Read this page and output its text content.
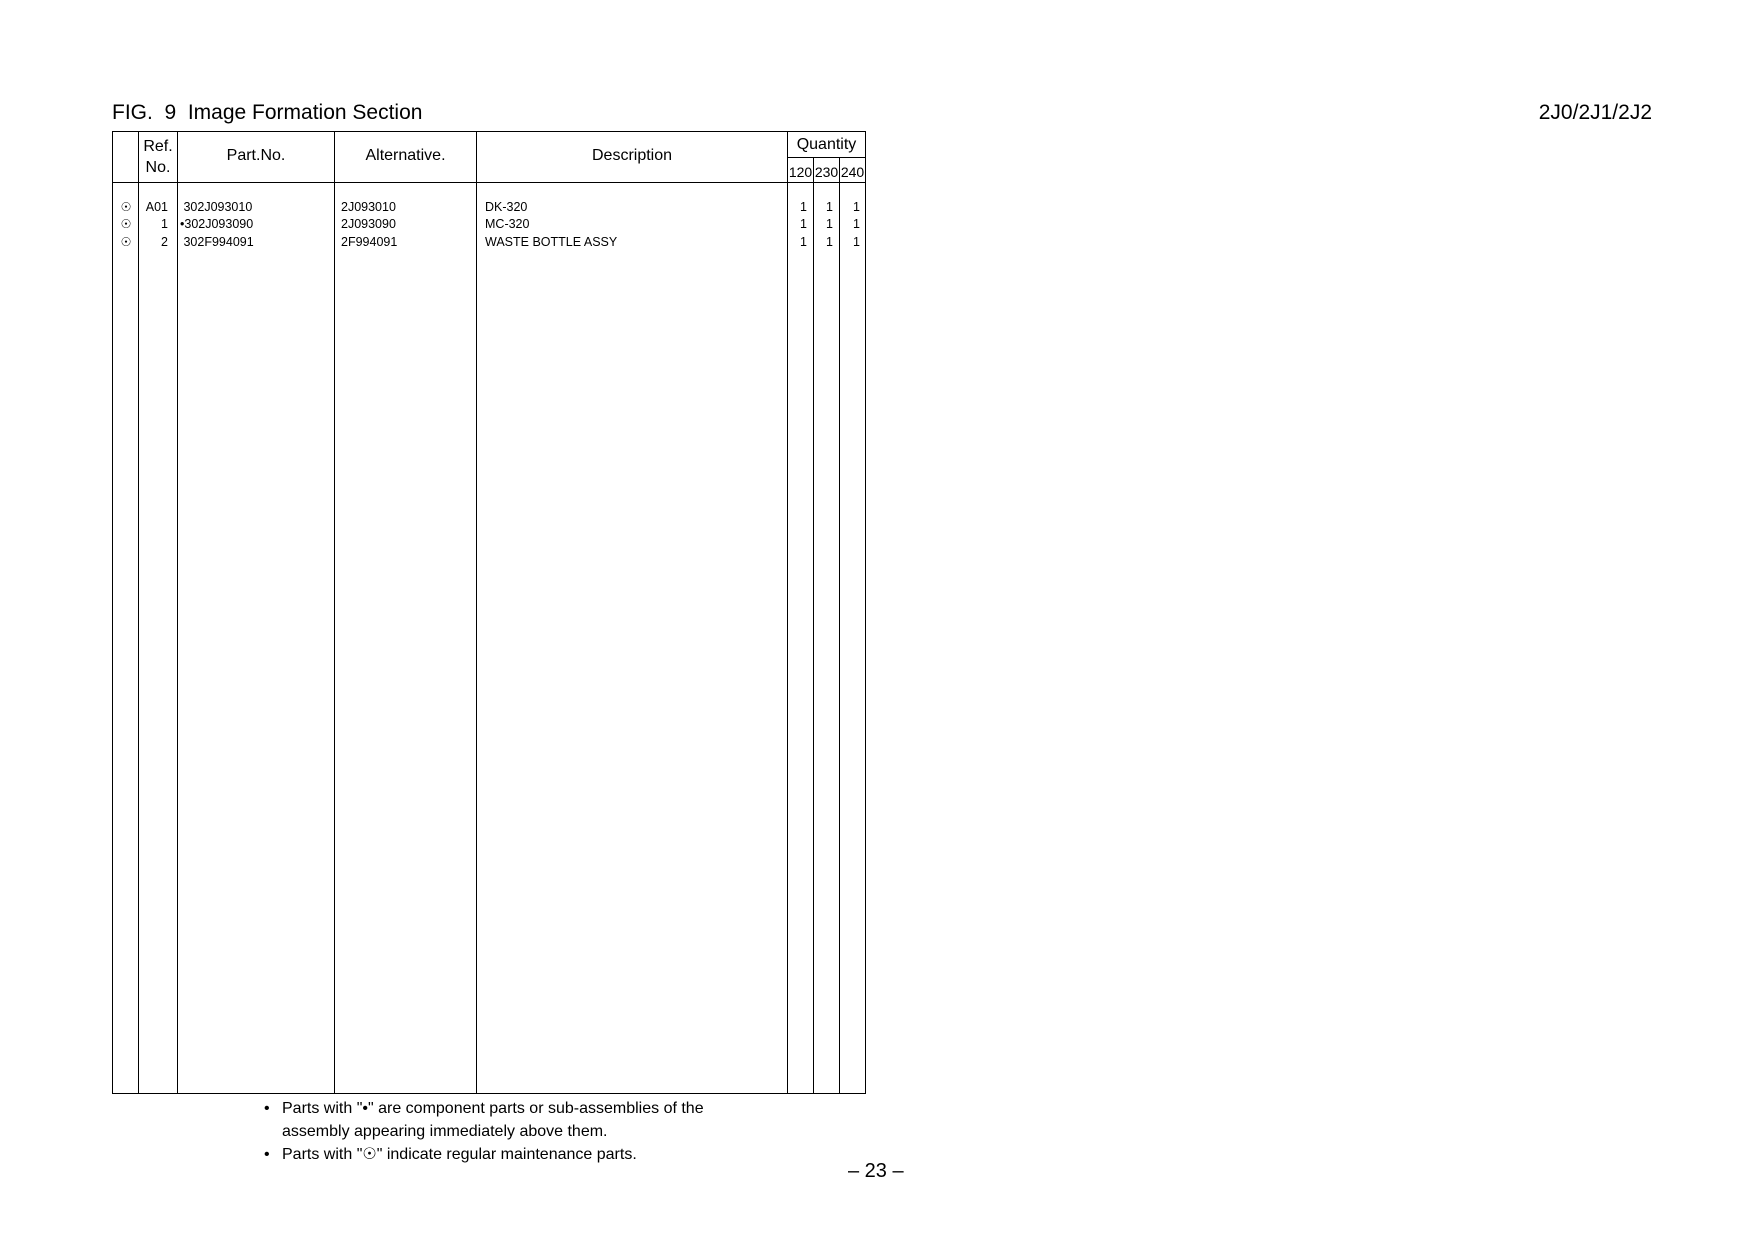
FIG.  9  Image Formation Section	2J0/2J1/2J2
Ref.
No.
Part.No.	Alternative.	Description
Quantity
120 230 240
☉	A01 302J093010	2J093010	DK-320	1	1	1
☉	1 •302J093090	2J093090	MC-320	1	1	1
☉	2 302F994091	2F994091	WASTE BOTTLE ASSY	1	1	1
• Parts with "•" are component parts or sub-assemblies of the
assembly appearing immediately above them.
• Parts with "☉" indicate regular maintenance parts.
– 23 –
